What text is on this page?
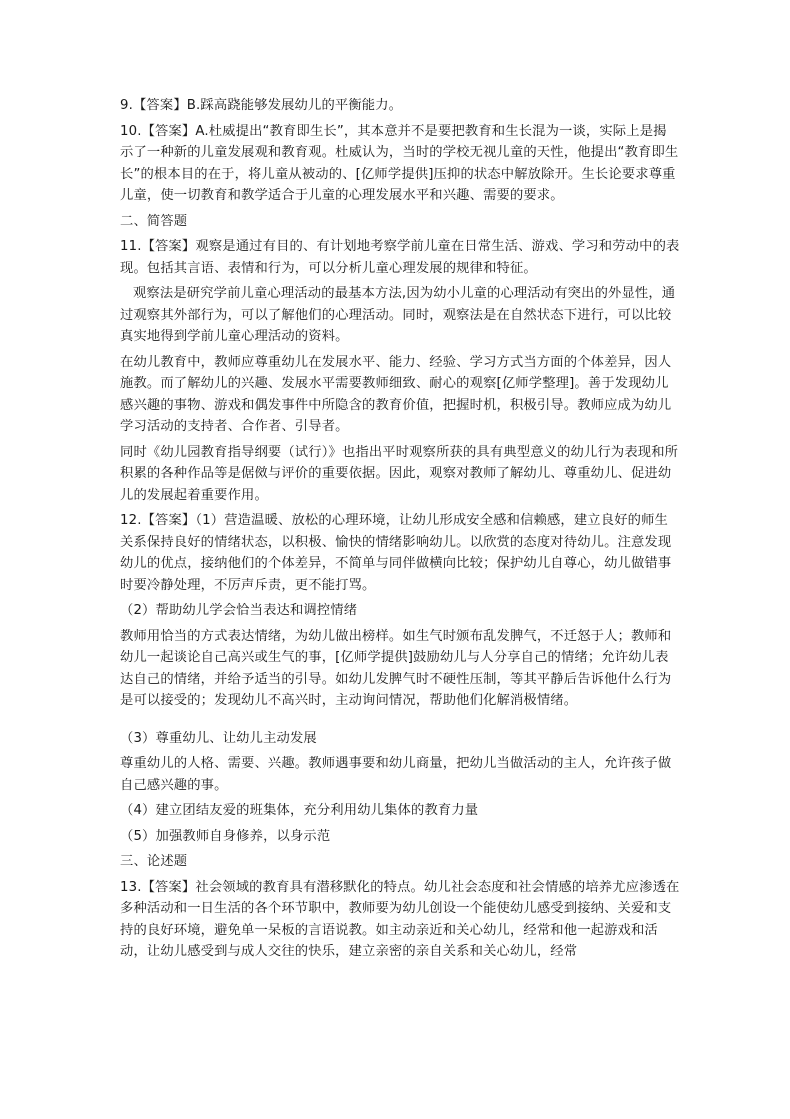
9.【答案】B.踩高跷能够发展幼儿的平衡能力。

10.【答案】A.杜威提出“教育即生长”，其本意并不是要把教育和生长混为一谈，实际上是揭示了一种新的儿童发展观和教育观。杜威认为，当时的学校无视儿童的天性，他提出“教育即生长”的根本目的在于，将儿童从被动的、[亿师学提供]压抑的状态中解放除开。生长论要求尊重儿童，使一切教育和教学适合于儿童的心理发展水平和兴趣、需要的要求。

二、简答题

11.【答案】观察是通过有目的、有计划地考察学前儿童在日常生活、游戏、学习和劳动中的表现。包括其言语、表情和行为，可以分析儿童心理发展的规律和特征。

观察法是研究学前儿童心理活动的最基本方法,因为幼小儿童的心理活动有突出的外显性，通过观察其外部行为，可以了解他们的心理活动。同时，观察法是在自然状态下进行，可以比较真实地得到学前儿童心理活动的资料。

在幼儿教育中，教师应尊重幼儿在发展水平、能力、经验、学习方式当方面的个体差异，因人施教。而了解幼儿的兴趣、发展水平需要教师细致、耐心的观察[亿师学整理]。善于发现幼儿感兴趣的事物、游戏和偶发事件中所隐含的教育价值，把握时机，积极引导。教师应成为幼儿学习活动的支持者、合作者、引导者。

同时《幼儿园教育指导纲要（试行）》也指出平时观察所获的具有典型意义的幼儿行为表现和所积累的各种作品等是倨傚与评价的重要依据。因此，观察对教师了解幼儿、尊重幼儿、促进幼儿的发展起着重要作用。

12.【答案】（1）营造温暖、放松的心理环境，让幼儿形成安全感和信赖感，建立良好的师生关系保持良好的情绪状态，以积极、愉快的情绪影响幼儿。以欣赏的态度对待幼儿。注意发现幼儿的优点，接纳他们的个体差异，不简单与同伴做横向比较；保护幼儿自尊心，幼儿做错事时要冷静处理，不厉声斥责，更不能打骂。

（2）帮助幼儿学会恰当表达和调控情绪

教师用恰当的方式表达情绪，为幼儿做出榜样。如生气时颁布乱发脾气，不迁怒于人；教师和幼儿一起谈论自己高兴或生气的事，[亿师学提供]鼓励幼儿与人分享自己的情绪；允许幼儿表达自己的情绪，并给予适当的引导。如幼儿发脾气时不硬性压制，等其平静后告诉他什么行为是可以接受的；发现幼儿不高兴时，主动询问情况，帮助他们化解消极情绪。

（3）尊重幼儿、让幼儿主动发展

尊重幼儿的人格、需要、兴趣。教师遇事要和幼儿商量，把幼儿当做活动的主人，允许孩子做自己感兴趣的事。

（4）建立团结友爱的班集体，充分利用幼儿集体的教育力量

（5）加强教师自身修养，以身示范

三、论述题

13.【答案】社会领域的教育具有潜移默化的特点。幼儿社会态度和社会情感的培养尤应渗透在多种活动和一日生活的各个环节职中，教师要为幼儿创设一个能使幼儿感受到接纳、关爱和支持的良好环境，避免单一呆板的言语说教。如主动亲近和关心幼儿，经常和他一起游戏和活动，让幼儿感受到与成人交往的快乐，建立亲密的亲自关系和关心幼儿，经常
